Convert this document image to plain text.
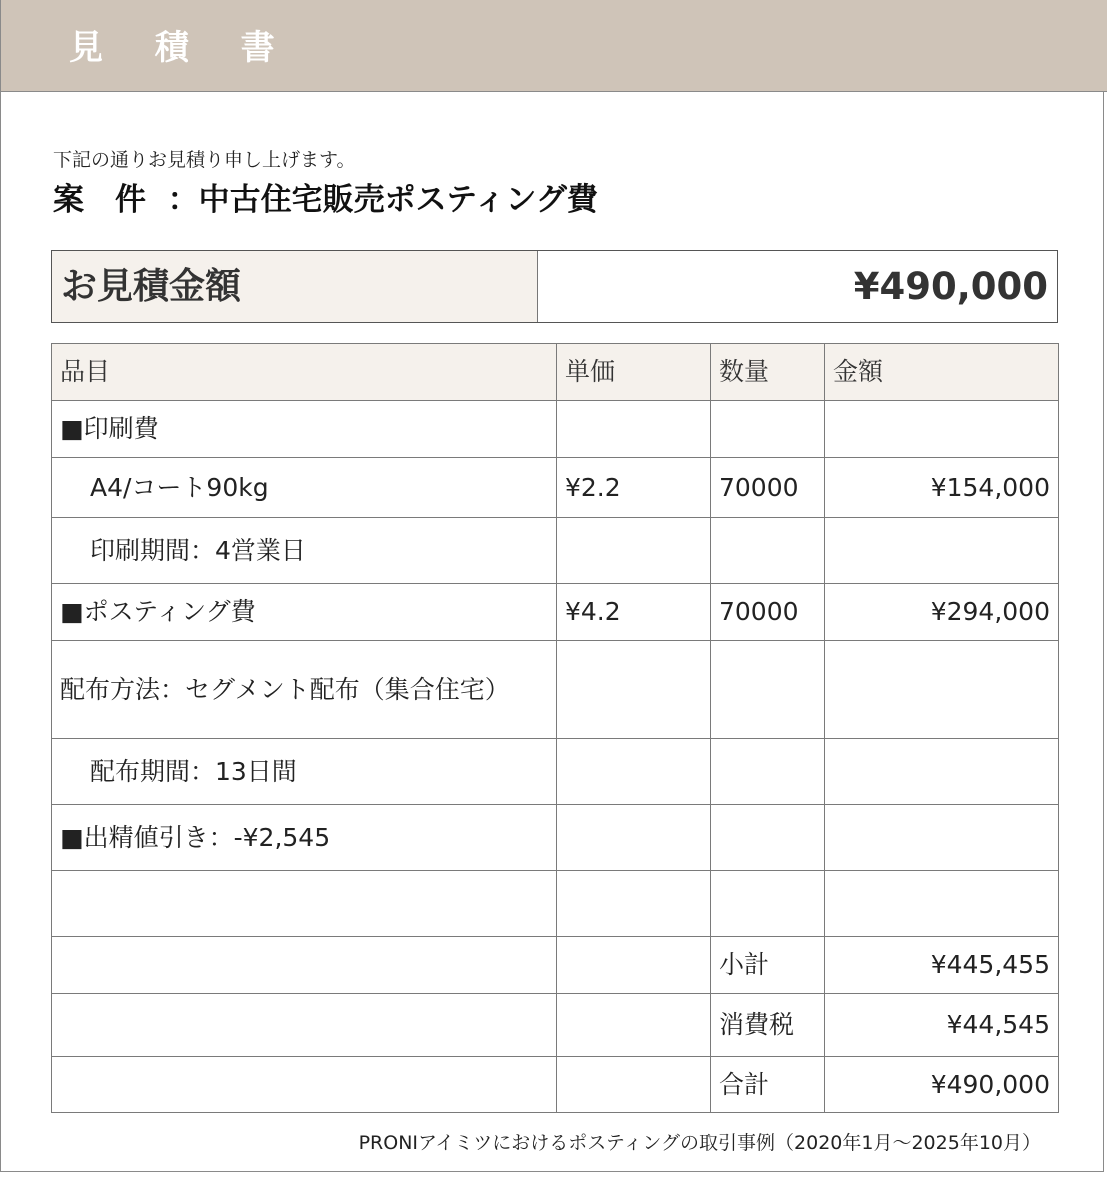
見 積 書
下記の通りお見積り申し上げます。
案　件 ：中古住宅販売ポスティング費
お見積金額	¥490,000
品目	単価	数量	金額
■印刷費			
A4/コート90kg	¥2.2	70000	¥154,000
印刷期間：4営業日			
■ポスティング費	¥4.2	70000	¥294,000
配布方法：セグメント配布（集合住宅）			
配布期間：13日間			
■出精値引き：-¥2,545			

		小計	¥445,455
		消費税	¥44,545
		合計	¥490,000
PRONIアイミツにおけるポスティングの取引事例（2020年1月〜2025年10月）
